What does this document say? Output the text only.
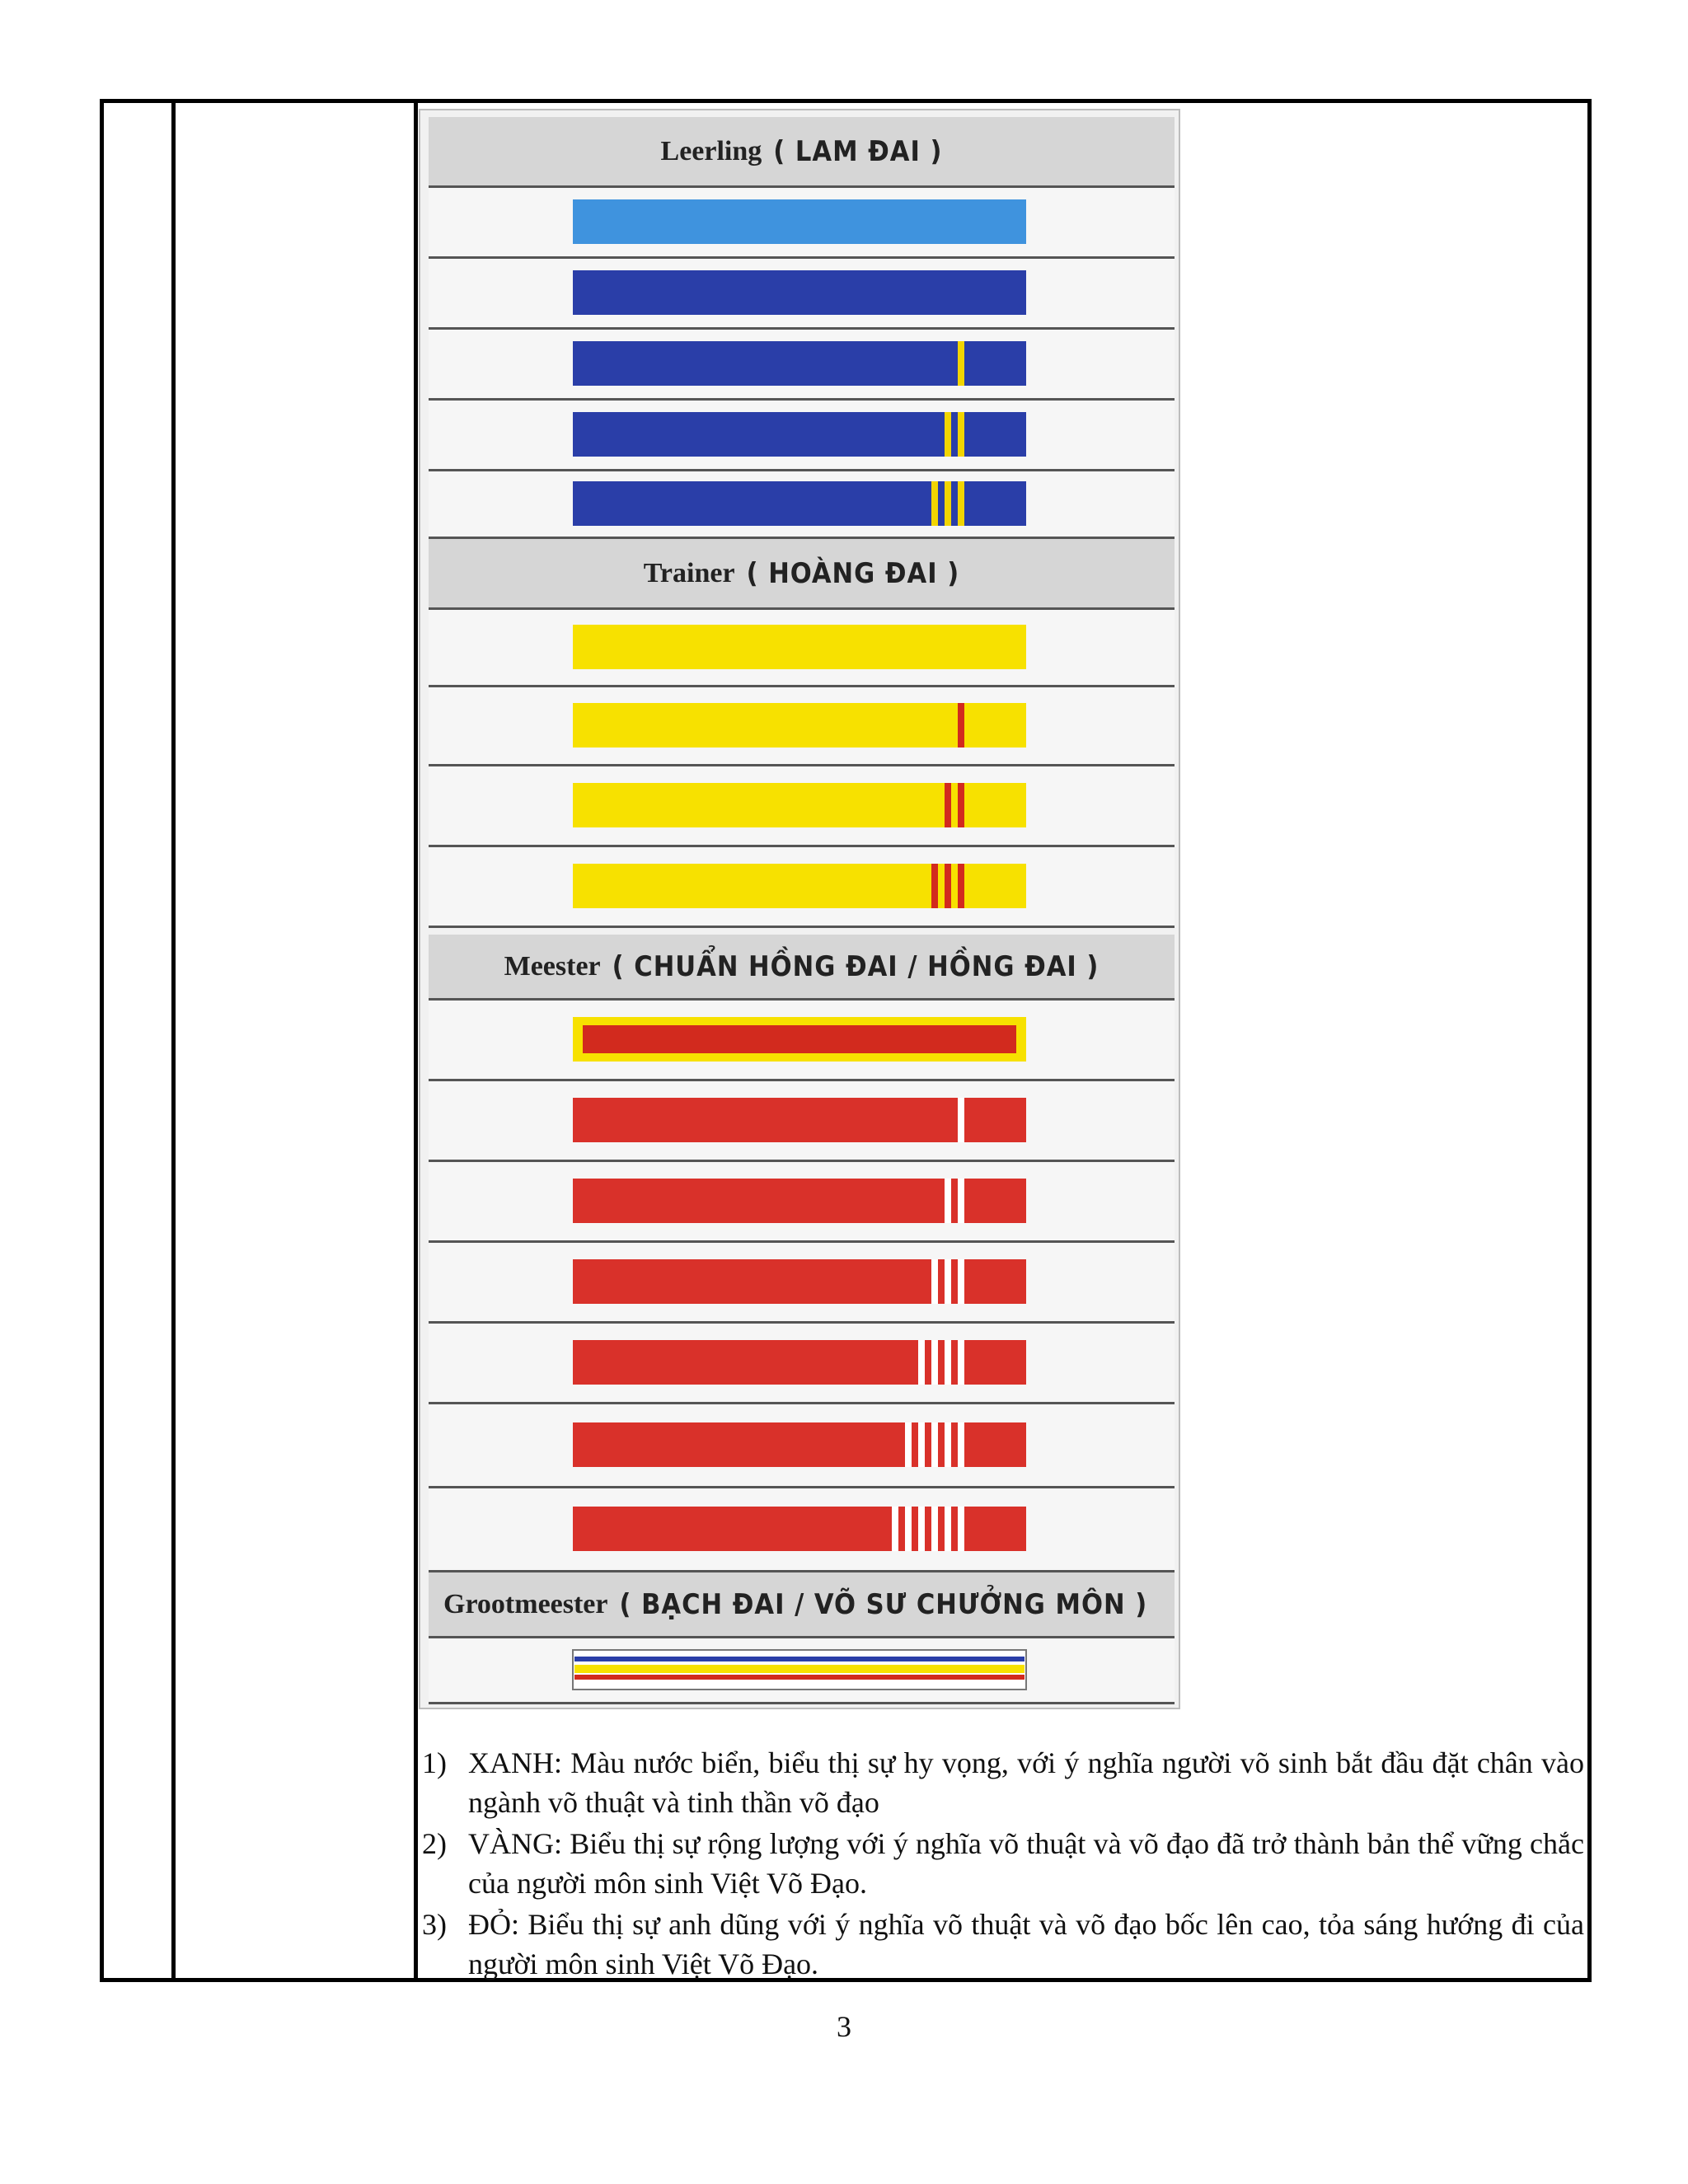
Leerling ( LAM ĐAI )
Trainer ( HOÀNG ĐAI )
Meester ( CHUẨN HỒNG ĐAI / HỒNG ĐAI )
Grootmeester ( BẠCH ĐAI / VÕ SƯ CHƯỞNG MÔN )
1) XANH: Màu nước biển, biểu thị sự hy vọng, với ý nghĩa người võ sinh bắt đầu đặt chân vào ngành võ thuật và tinh thần võ đạo
2) VÀNG: Biểu thị sự rộng lượng với ý nghĩa võ thuật và võ đạo đã trở thành bản thể vững chắc của người môn sinh Việt Võ Đạo.
3) ĐỎ: Biểu thị sự anh dũng với ý nghĩa võ thuật và võ đạo bốc lên cao, tỏa sáng hướng đi của người môn sinh Việt Võ Đạo.
3
